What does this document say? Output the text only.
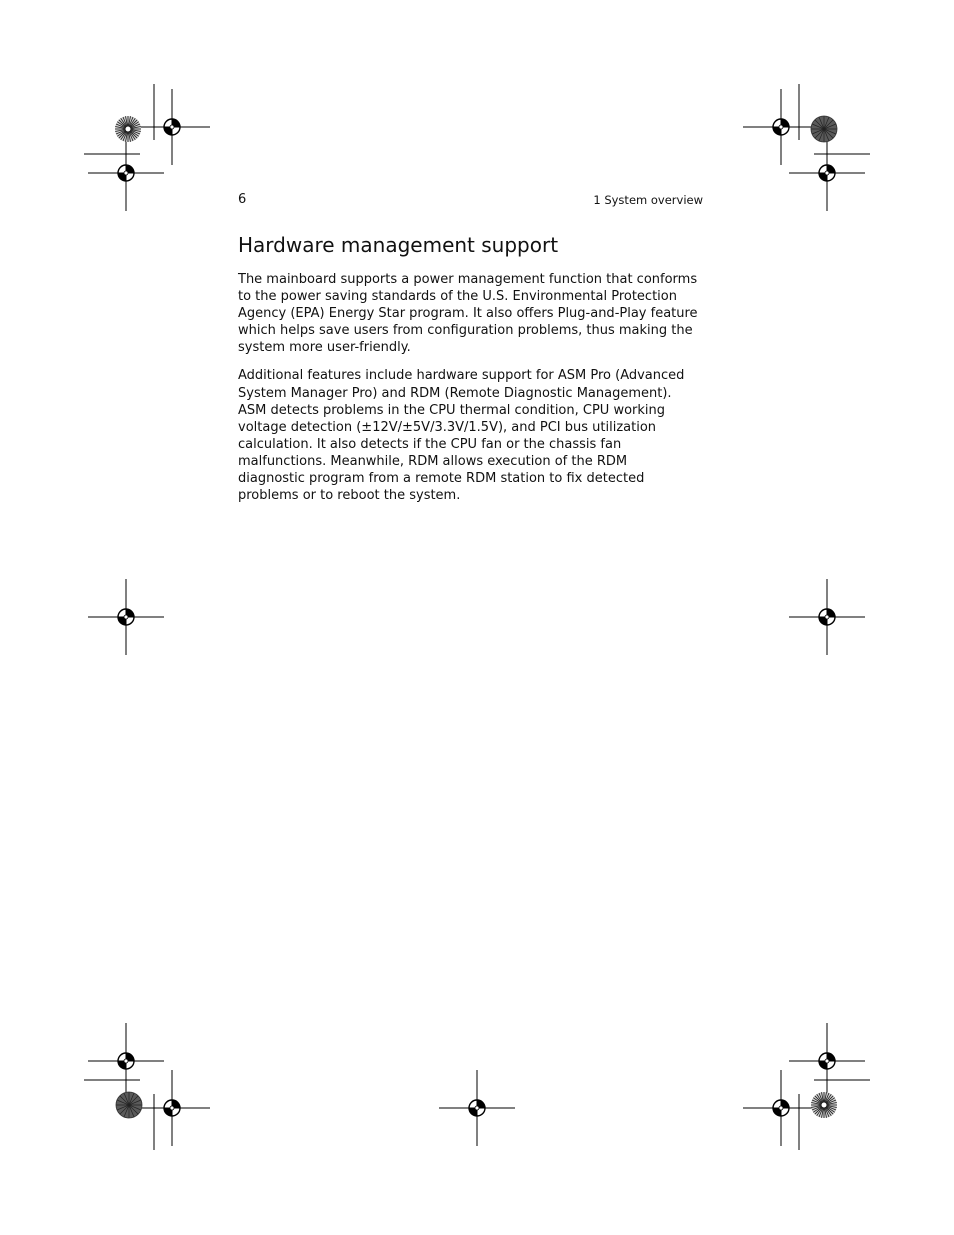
6	1 System overview
Hardware management support

The mainboard supports a power management function that conforms
to the power saving standards of the U.S. Environmental Protection
Agency (EPA) Energy Star program. It also offers Plug-and-Play feature
which helps save users from configuration problems, thus making the
system more user-friendly.

Additional features include hardware support for ASM Pro (Advanced
System Manager Pro) and RDM (Remote Diagnostic Management).
ASM detects problems in the CPU thermal condition, CPU working
voltage detection (±12V/±5V/3.3V/1.5V), and PCI bus utilization
calculation. It also detects if the CPU fan or the chassis fan
malfunctions. Meanwhile, RDM allows execution of the RDM
diagnostic program from a remote RDM station to fix detected
problems or to reboot the system.
